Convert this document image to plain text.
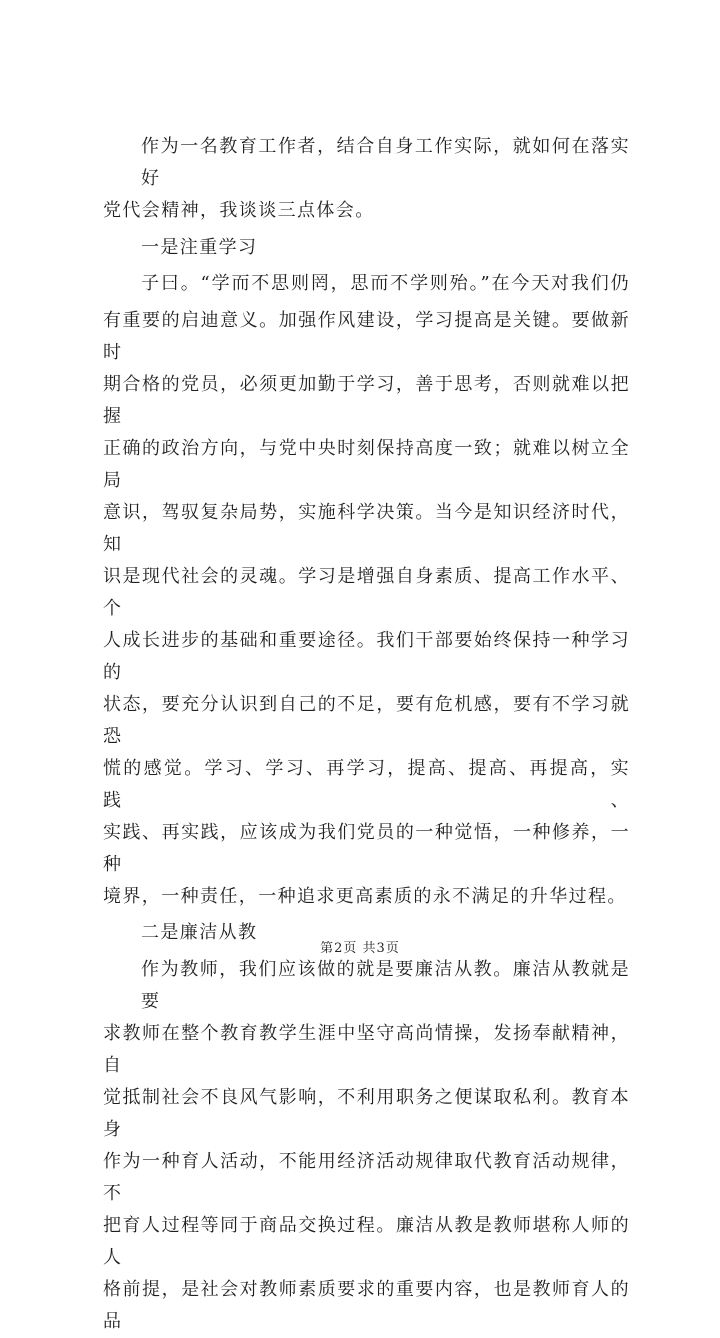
作为一名教育工作者，结合自身工作实际，就如何在落实好
党代会精神，我谈谈三点体会。
一是注重学习
子曰。“学而不思则罔，思而不学则殆。”在今天对我们仍
有重要的启迪意义。加强作风建设，学习提高是关键。要做新时
期合格的党员，必须更加勤于学习，善于思考，否则就难以把握
正确的政治方向，与党中央时刻保持高度一致；就难以树立全局
意识，驾驭复杂局势，实施科学决策。当今是知识经济时代，知
识是现代社会的灵魂。学习是增强自身素质、提高工作水平、个
人成长进步的基础和重要途径。我们干部要始终保持一种学习的
状态，要充分认识到自己的不足，要有危机感，要有不学习就恐
慌的感觉。学习、学习、再学习，提高、提高、再提高，实践、
实践、再实践，应该成为我们党员的一种觉悟，一种修养，一种
境界，一种责任，一种追求更高素质的永不满足的升华过程。
二是廉洁从教
作为教师，我们应该做的就是要廉洁从教。廉洁从教就是要
求教师在整个教育教学生涯中坚守高尚情操，发扬奉献精神，自
觉抵制社会不良风气影响，不利用职务之便谋取私利。教育本身
作为一种育人活动，不能用经济活动规律取代教育活动规律，不
把育人过程等同于商品交换过程。廉洁从教是教师堪称人师的人
格前提，是社会对教师素质要求的重要内容，也是教师育人的品
第2页 共3页
